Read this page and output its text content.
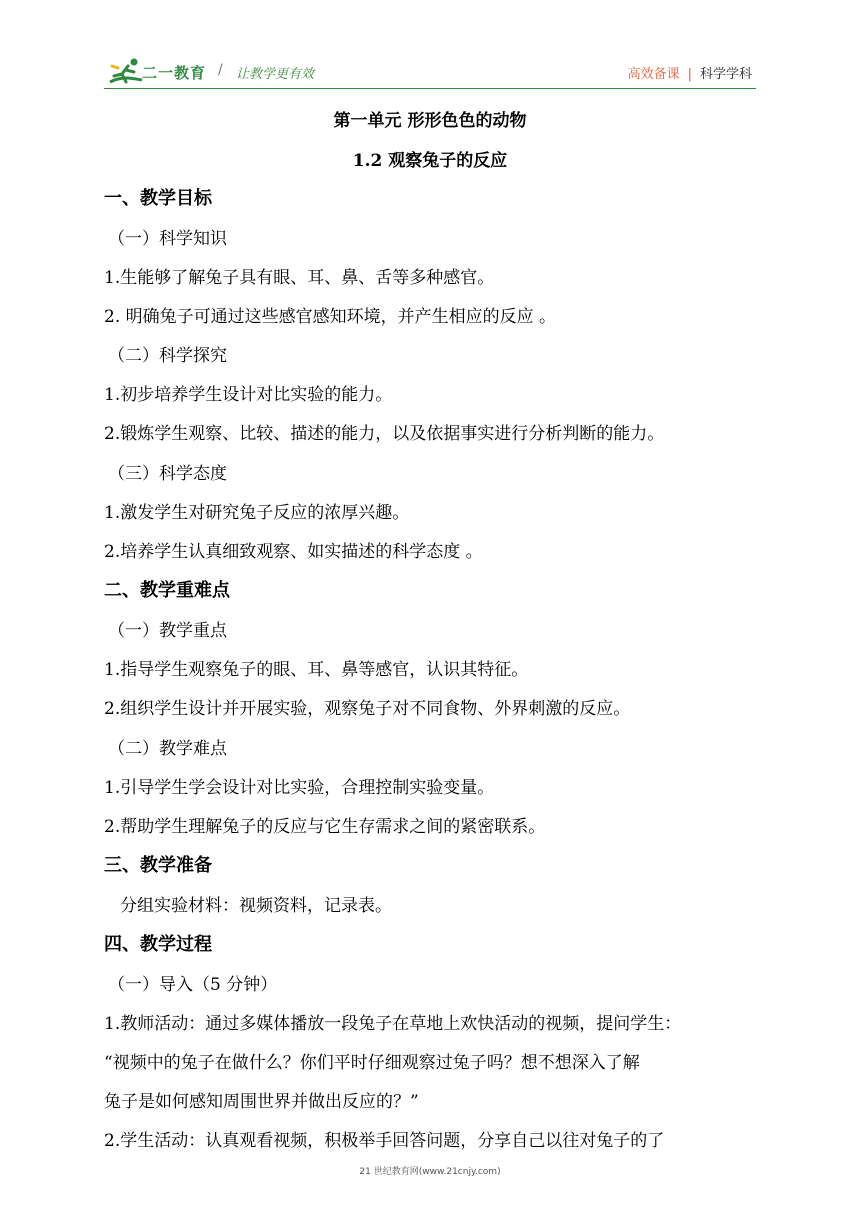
二一教育 / 让教学更有效	高效备课 | 科学学科
第一单元 形形色色的动物
1.2 观察兔子的反应
一、教学目标
（一）科学知识
1.生能够了解兔子具有眼、耳、鼻、舌等多种感官。
2. 明确兔子可通过这些感官感知环境，并产生相应的反应 。
（二）科学探究
1.初步培养学生设计对比实验的能力。
2.锻炼学生观察、比较、描述的能力，以及依据事实进行分析判断的能力。
（三）科学态度
1.激发学生对研究兔子反应的浓厚兴趣。
2.培养学生认真细致观察、如实描述的科学态度 。
二、教学重难点
（一）教学重点
1.指导学生观察兔子的眼、耳、鼻等感官，认识其特征。
2.组织学生设计并开展实验，观察兔子对不同食物、外界刺激的反应。
（二）教学难点
1.引导学生学会设计对比实验，合理控制实验变量。
2.帮助学生理解兔子的反应与它生存需求之间的紧密联系。
三、教学准备
分组实验材料：视频资料，记录表。
四、教学过程
（一）导入（5 分钟）
1.教师活动：通过多媒体播放一段兔子在草地上欢快活动的视频，提问学生：
“视频中的兔子在做什么？你们平时仔细观察过兔子吗？想不想深入了解
兔子是如何感知周围世界并做出反应的？”
2.学生活动：认真观看视频，积极举手回答问题，分享自己以往对兔子的了
21 世纪教育网(www.21cnjy.com)
